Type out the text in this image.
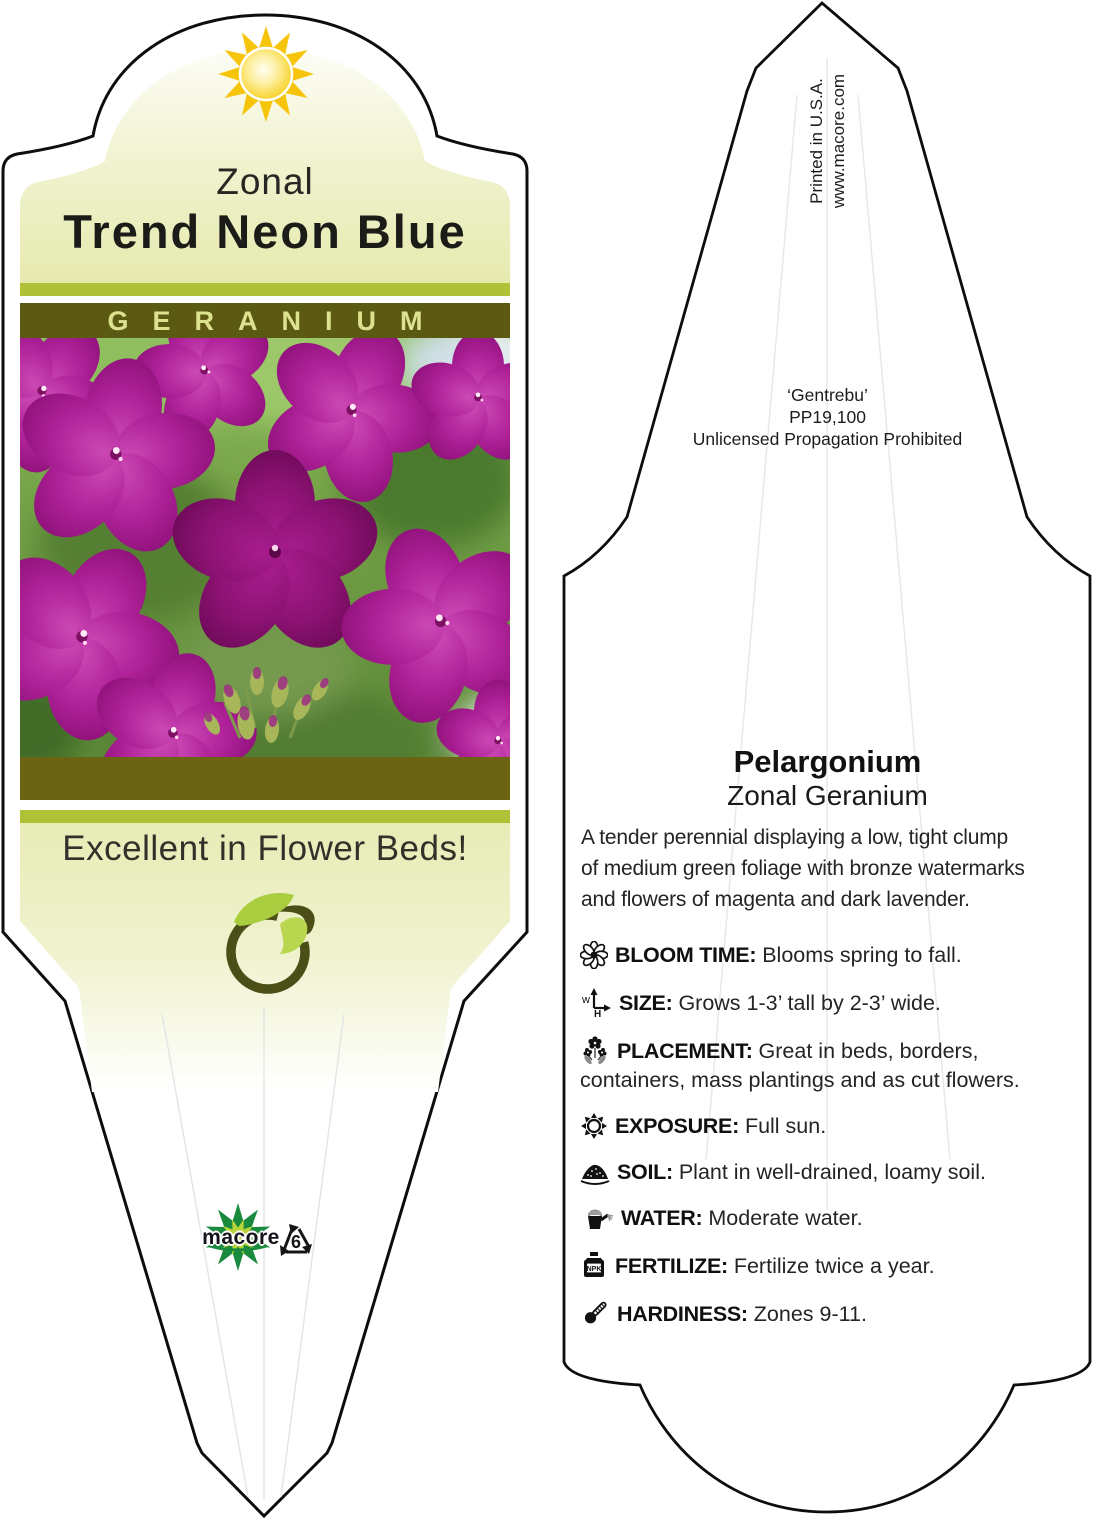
6
Zonal
Trend Neon Blue
GERANIUM
Excellent in Flower Beds!
macore
Printed in U.S.A. www.macore.com
‘Gentrebu’
PP19,100
Unlicensed Propagation Prohibited
Pelargonium
Zonal Geranium
A tender perennial displaying a low, tight clump
of medium green foliage with bronze watermarks
and flowers of magenta and dark lavender.
BLOOM TIME: Blooms spring to fall.
w
H SIZE: Grows 1-3’ tall by 2-3’ wide.
PLACEMENT: Great in beds, borders,
containers, mass plantings and as cut flowers.
EXPOSURE: Full sun.
SOIL: Plant in well-drained, loamy soil.
WATER: Moderate water.
NPK FERTILIZE: Fertilize twice a year.
HARDINESS: Zones 9-11.
